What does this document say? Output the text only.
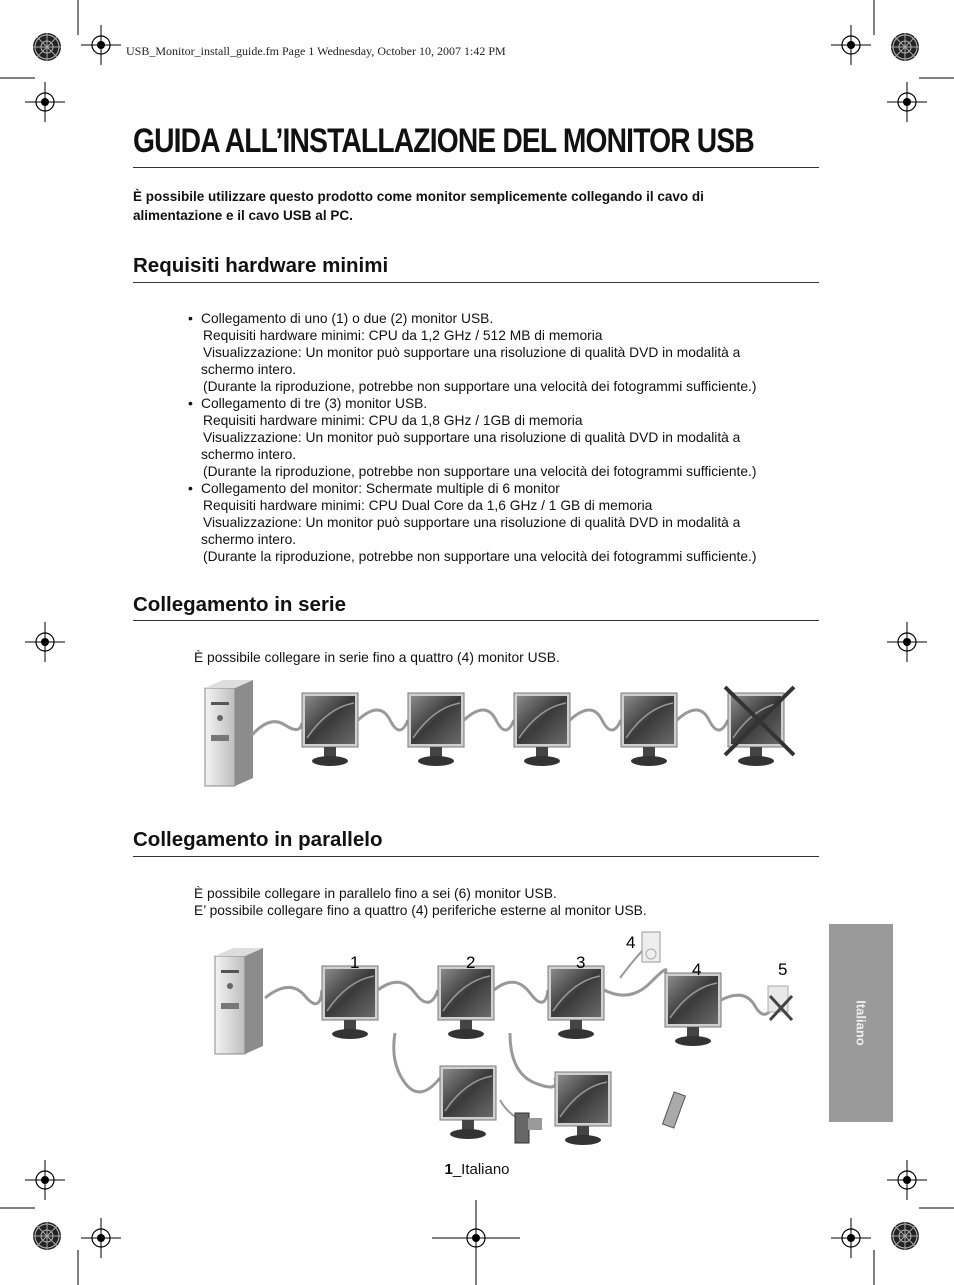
USB_Monitor_install_guide.fm Page 1 Wednesday, October 10, 2007 1:42 PM
GUIDA ALL’INSTALLAZIONE DEL MONITOR USB
È possibile utilizzare questo prodotto come monitor semplicemente collegando il cavo di
alimentazione e il cavo USB al PC.
Requisiti hardware minimi
• Collegamento di uno (1) o due (2) monitor USB.
Requisiti hardware minimi: CPU da 1,2 GHz / 512 MB di memoria
Visualizzazione: Un monitor può supportare una risoluzione di qualità DVD in modalità a
schermo intero.
(Durante la riproduzione, potrebbe non supportare una velocità dei fotogrammi sufficiente.)
• Collegamento di tre (3) monitor USB.
Requisiti hardware minimi: CPU da 1,8 GHz / 1GB di memoria
Visualizzazione: Un monitor può supportare una risoluzione di qualità DVD in modalità a
schermo intero.
(Durante la riproduzione, potrebbe non supportare una velocità dei fotogrammi sufficiente.)
• Collegamento del monitor: Schermate multiple di 6 monitor
Requisiti hardware minimi: CPU Dual Core da 1,6 GHz / 1 GB di memoria
Visualizzazione: Un monitor può supportare una risoluzione di qualità DVD in modalità a
schermo intero.
(Durante la riproduzione, potrebbe non supportare una velocità dei fotogrammi sufficiente.)
Collegamento in serie
È possibile collegare in serie fino a quattro (4) monitor USB.
Collegamento in parallelo
È possibile collegare in parallelo fino a sei (6) monitor USB.
E’ possibile collegare fino a quattro (4) periferiche esterne al monitor USB.
1	2	3
4
4	5
Italiano
1_Italiano
